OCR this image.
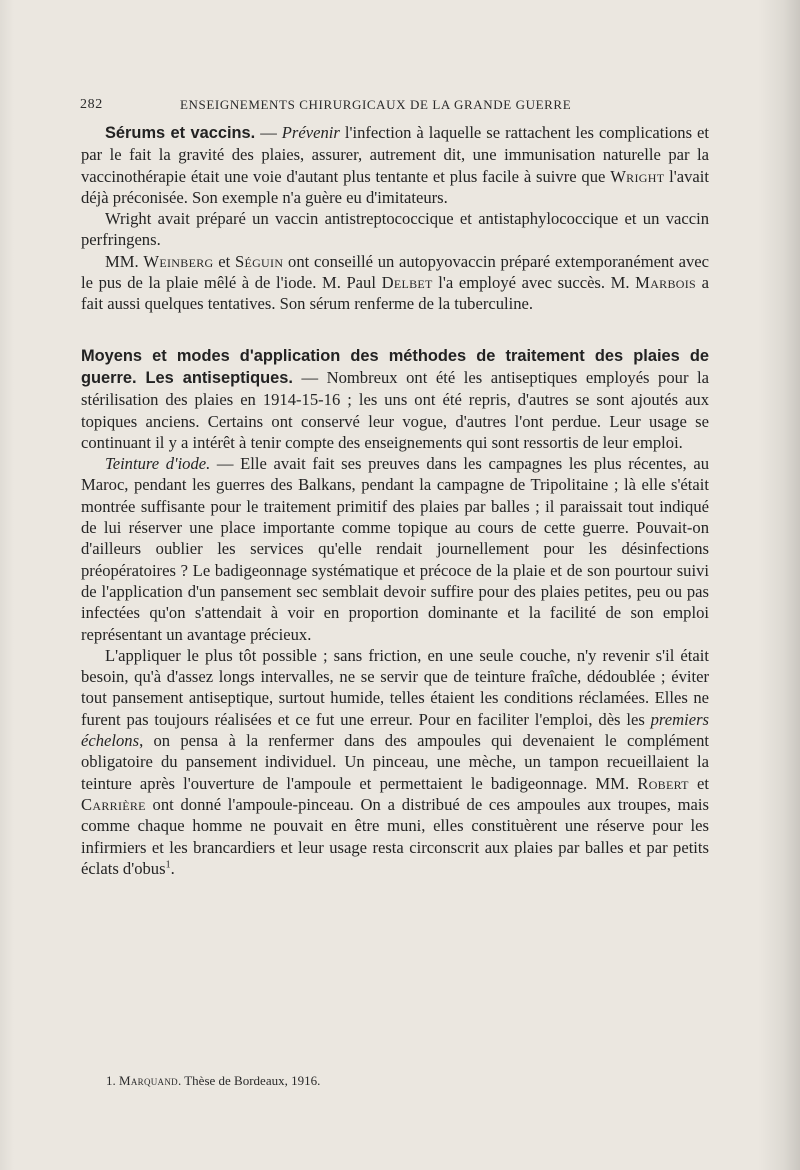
282	ENSEIGNEMENTS CHIRURGICAUX DE LA GRANDE GUERRE

Sérums et vaccins. — Prévenir l'infection à laquelle se rattachent les complications et par le fait la gravité des plaies, assurer, autrement dit, une immunisation naturelle par la vaccinothérapie était une voie d'autant plus tentante et plus facile à suivre que Wright l'avait déjà préconisée. Son exemple n'a guère eu d'imitateurs.

Wright avait préparé un vaccin antistreptococcique et antistaphylococcique et un vaccin perfringens.

MM. Weinberg et Séguin ont conseillé un autopyovaccin préparé extemporanément avec le pus de la plaie mêlé à de l'iode. M. Paul Delbet l'a employé avec succès. M. Marbois a fait aussi quelques tentatives. Son sérum renferme de la tuberculine.

Moyens et modes d'application des méthodes de traitement des plaies de guerre. Les antiseptiques. — Nombreux ont été les antiseptiques employés pour la stérilisation des plaies en 1914-15-16 ; les uns ont été repris, d'autres se sont ajoutés aux topiques anciens. Certains ont conservé leur vogue, d'autres l'ont perdue. Leur usage se continuant il y a intérêt à tenir compte des enseignements qui sont ressortis de leur emploi.

Teinture d'iode. — Elle avait fait ses preuves dans les campagnes les plus récentes, au Maroc, pendant les guerres des Balkans, pendant la campagne de Tripolitaine ; là elle s'était montrée suffisante pour le traitement primitif des plaies par balles ; il paraissait tout indiqué de lui réserver une place importante comme topique au cours de cette guerre. Pouvait-on d'ailleurs oublier les services qu'elle rendait journellement pour les désinfections préopératoires ? Le badigeonnage systématique et précoce de la plaie et de son pourtour suivi de l'application d'un pansement sec semblait devoir suffire pour des plaies petites, peu ou pas infectées qu'on s'attendait à voir en proportion dominante et la facilité de son emploi représentant un avantage précieux.

L'appliquer le plus tôt possible ; sans friction, en une seule couche, n'y revenir s'il était besoin, qu'à d'assez longs intervalles, ne se servir que de teinture fraîche, dédoublée ; éviter tout pansement antiseptique, surtout humide, telles étaient les conditions réclamées. Elles ne furent pas toujours réalisées et ce fut une erreur. Pour en faciliter l'emploi, dès les premiers échelons, on pensa à la renfermer dans des ampoules qui devenaient le complément obligatoire du pansement individuel. Un pinceau, une mèche, un tampon recueillaient la teinture après l'ouverture de l'ampoule et permettaient le badigeonnage. MM. Robert et Carrière ont donné l'ampoule-pinceau. On a distribué de ces ampoules aux troupes, mais comme chaque homme ne pouvait en être muni, elles constituèrent une réserve pour les infirmiers et les brancardiers et leur usage resta circonscrit aux plaies par balles et par petits éclats d'obus$^1$.

1. Marquand. Thèse de Bordeaux, 1916.
